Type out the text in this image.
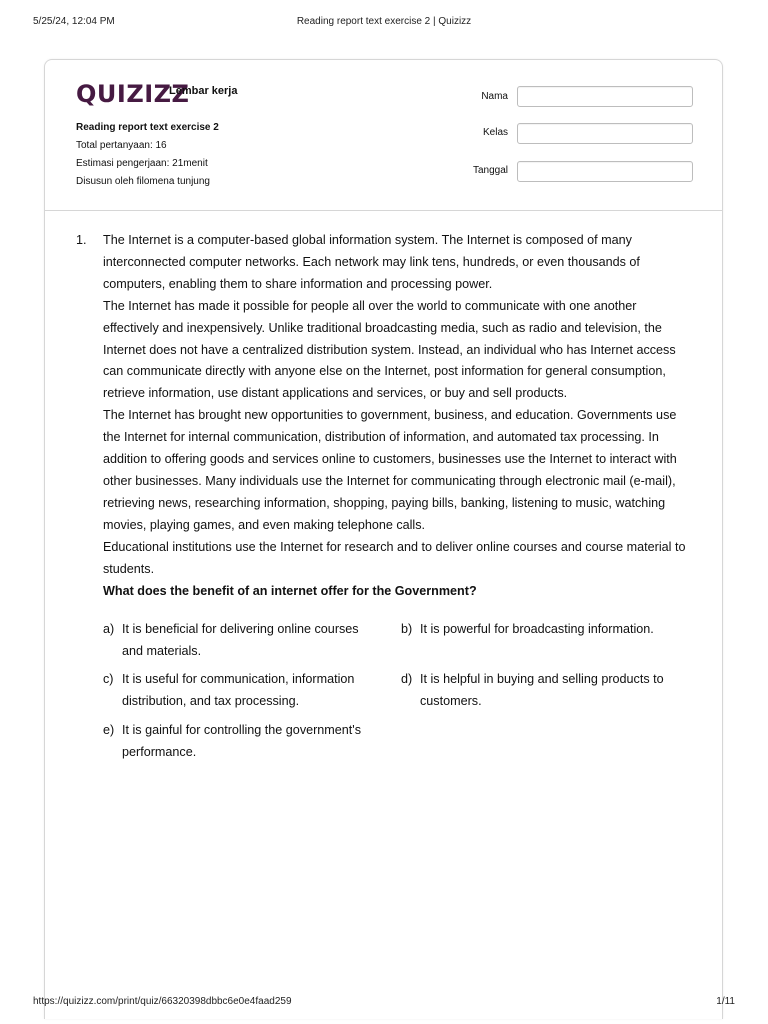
5/25/24, 12:04 PM	Reading report text exercise 2 | Quizizz
QUIZIZZ
Lembar kerja
Reading report text exercise 2
Total pertanyaan: 16
Estimasi pengerjaan: 21menit
Disusun oleh filomena tunjung
Nama
Kelas
Tanggal
1. The Internet is a computer-based global information system. The Internet is composed of many interconnected computer networks. Each network may link tens, hundreds, or even thousands of computers, enabling them to share information and processing power.

The Internet has made it possible for people all over the world to communicate with one another effectively and inexpensively. Unlike traditional broadcasting media, such as radio and television, the Internet does not have a centralized distribution system. Instead, an individual who has Internet access can communicate directly with anyone else on the Internet, post information for general consumption, retrieve information, use distant applications and services, or buy and sell products.

The Internet has brought new opportunities to government, business, and education. Governments use the Internet for internal communication, distribution of information, and automated tax processing. In addition to offering goods and services online to customers, businesses use the Internet to interact with other businesses. Many individuals use the Internet for communicating through electronic mail (e-mail), retrieving news, researching information, shopping, paying bills, banking, listening to music, watching movies, playing games, and even making telephone calls.

Educational institutions use the Internet for research and to deliver online courses and course material to students.

What does the benefit of an internet offer for the Government?

a) It is beneficial for delivering online courses and materials.
b) It is powerful for broadcasting information.
c) It is useful for communication, information distribution, and tax processing.
d) It is helpful in buying and selling products to customers.
e) It is gainful for controlling the government's performance.
https://quizizz.com/print/quiz/66320398dbbc6e0e4faad259	1/11
